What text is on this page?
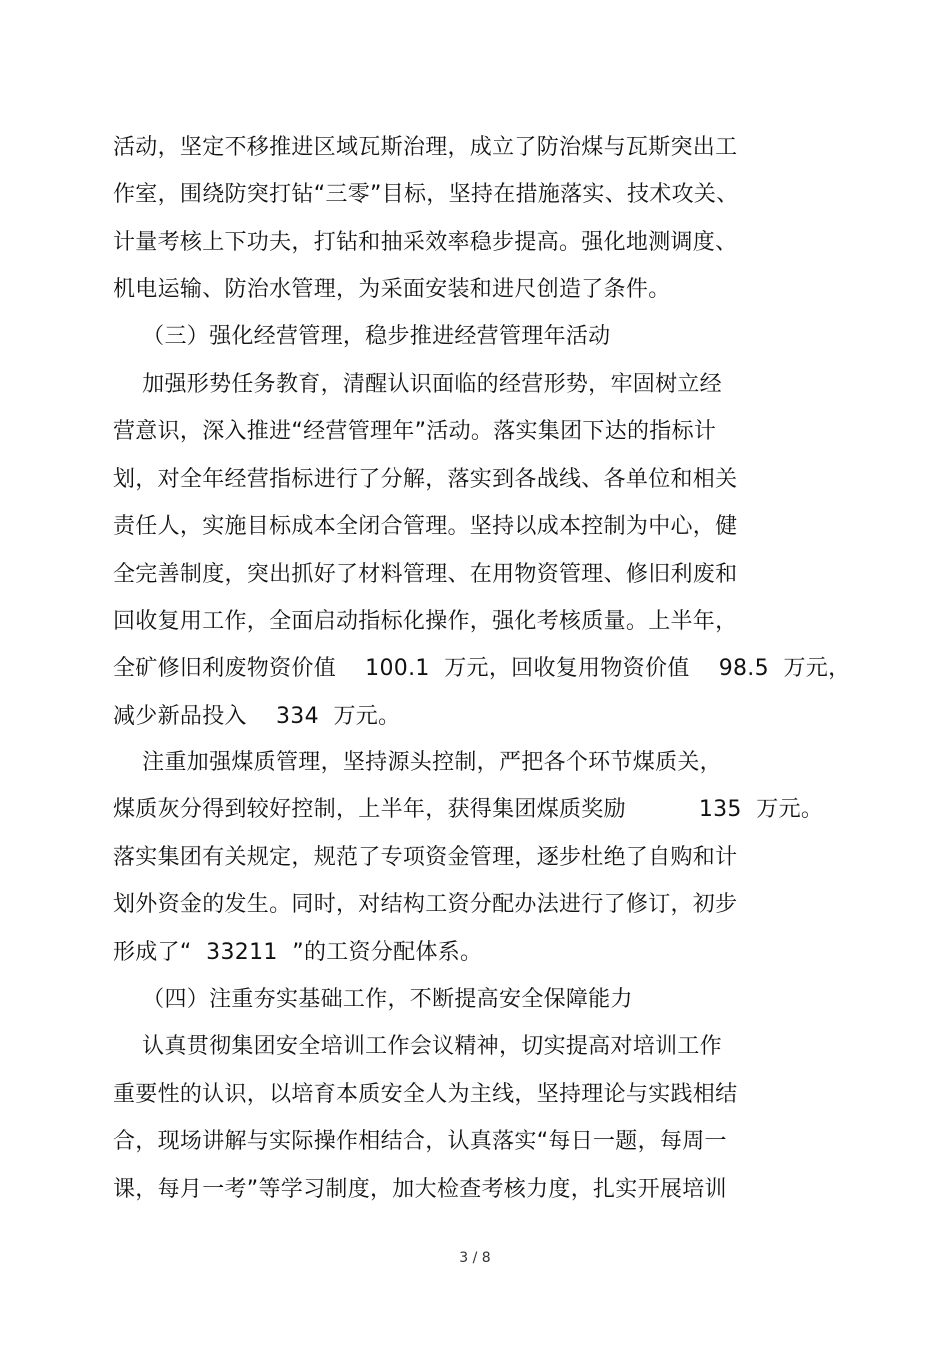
活动，坚定不移推进区域瓦斯治理，成立了防治煤与瓦斯突出工
作室，围绕防突打钻“三零”目标，坚持在措施落实、技术攻关、
计量考核上下功夫，打钻和抽采效率稳步提高。强化地测调度、
机电运输、防治水管理，为采面安装和进尺创造了条件。
（三）强化经营管理，稳步推进经营管理年活动
加强形势任务教育，清醒认识面临的经营形势，牢固树立经
营意识，深入推进“经营管理年”活动。落实集团下达的指标计
划，对全年经营指标进行了分解，落实到各战线、各单位和相关
责任人，实施目标成本全闭合管理。坚持以成本控制为中心，健
全完善制度，突出抓好了材料管理、在用物资管理、修旧利废和
回收复用工作，全面启动指标化操作，强化考核质量。上半年，
全矿修旧利废物资价值    100.1  万元，回收复用物资价值    98.5  万元，
减少新品投入    334  万元。
注重加强煤质管理，坚持源头控制，严把各个环节煤质关，
煤质灰分得到较好控制，上半年，获得集团煤质奖励          135  万元。
落实集团有关规定，规范了专项资金管理，逐步杜绝了自购和计
划外资金的发生。同时，对结构工资分配办法进行了修订，初步
形成了“  33211  ”的工资分配体系。
（四）注重夯实基础工作，不断提高安全保障能力
认真贯彻集团安全培训工作会议精神，切实提高对培训工作
重要性的认识，以培育本质安全人为主线，坚持理论与实践相结
合，现场讲解与实际操作相结合，认真落实“每日一题，每周一
课，每月一考”等学习制度，加大检查考核力度，扎实开展培训
3 / 8
